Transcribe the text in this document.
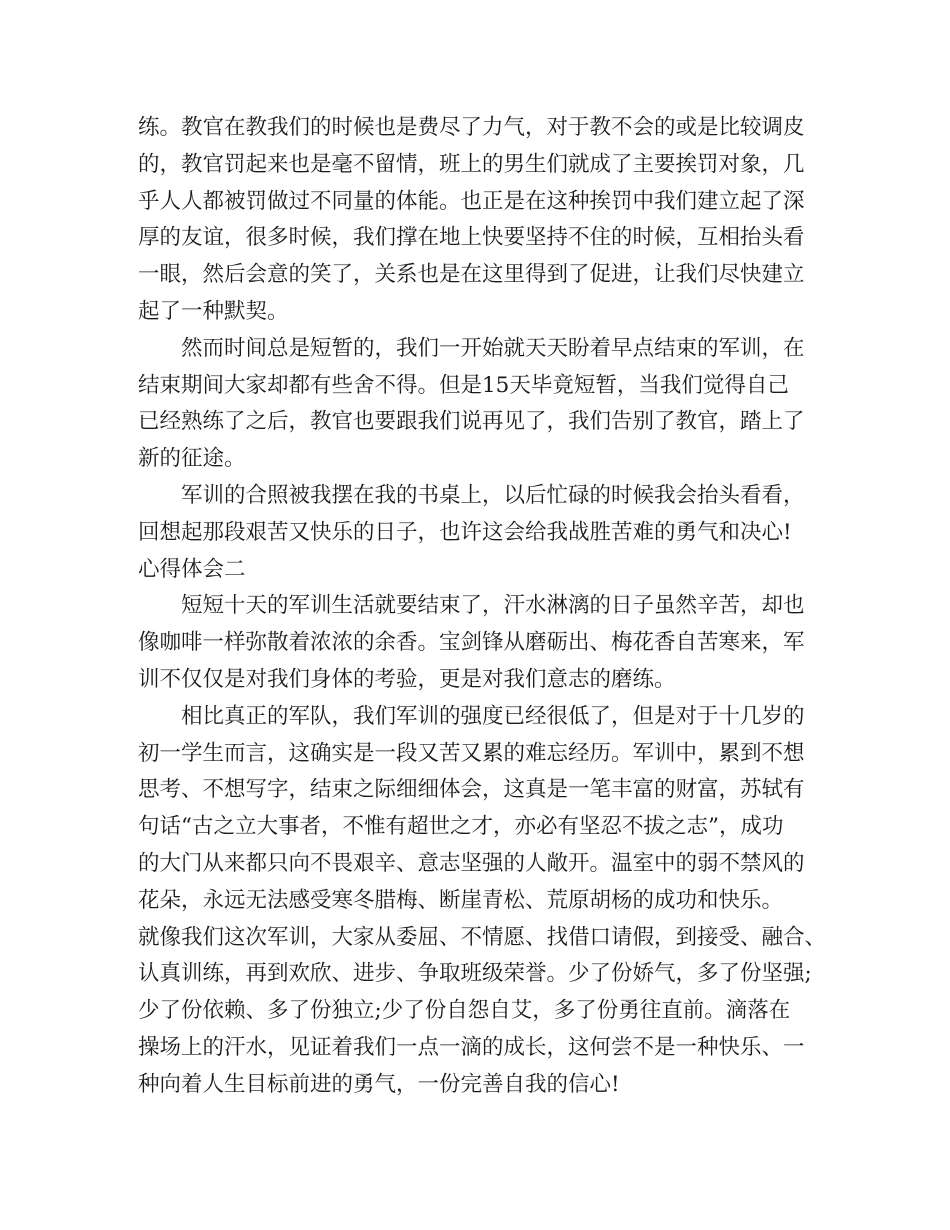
练。教官在教我们的时候也是费尽了力气，对于教不会的或是比较调皮
的，教官罚起来也是毫不留情，班上的男生们就成了主要挨罚对象，几
乎人人都被罚做过不同量的体能。也正是在这种挨罚中我们建立起了深
厚的友谊，很多时候，我们撑在地上快要坚持不住的时候，互相抬头看
一眼，然后会意的笑了，关系也是在这里得到了促进，让我们尽快建立
起了一种默契。
然而时间总是短暂的，我们一开始就天天盼着早点结束的军训，在
结束期间大家却都有些舍不得。但是15天毕竟短暂，当我们觉得自己
已经熟练了之后，教官也要跟我们说再见了，我们告别了教官，踏上了
新的征途。
军训的合照被我摆在我的书桌上，以后忙碌的时候我会抬头看看，
回想起那段艰苦又快乐的日子，也许这会给我战胜苦难的勇气和决心!
心得体会二
短短十天的军训生活就要结束了，汗水淋漓的日子虽然辛苦，却也
像咖啡一样弥散着浓浓的余香。宝剑锋从磨砺出、梅花香自苦寒来，军
训不仅仅是对我们身体的考验，更是对我们意志的磨练。
相比真正的军队，我们军训的强度已经很低了，但是对于十几岁的
初一学生而言，这确实是一段又苦又累的难忘经历。军训中，累到不想
思考、不想写字，结束之际细细体会，这真是一笔丰富的财富，苏轼有
句话“古之立大事者，不惟有超世之才，亦必有坚忍不拔之志”，成功
的大门从来都只向不畏艰辛、意志坚强的人敞开。温室中的弱不禁风的
花朵，永远无法感受寒冬腊梅、断崖青松、荒原胡杨的成功和快乐。
就像我们这次军训，大家从委屈、不情愿、找借口请假，到接受、融合、
认真训练，再到欢欣、进步、争取班级荣誉。少了份娇气，多了份坚强;
少了份依赖、多了份独立;少了份自怨自艾，多了份勇往直前。滴落在
操场上的汗水，见证着我们一点一滴的成长，这何尝不是一种快乐、一
种向着人生目标前进的勇气，一份完善自我的信心!
